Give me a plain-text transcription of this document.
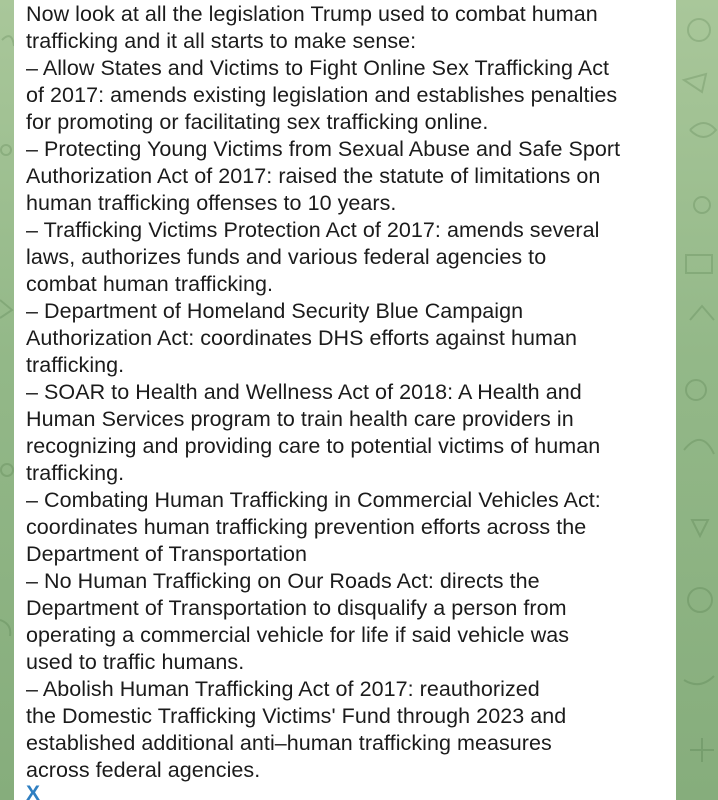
Now look at all the legislation Trump used to combat human
trafficking and it all starts to make sense:
– Allow States and Victims to Fight Online Sex Trafficking Act
of 2017: amends existing legislation and establishes penalties
for promoting or facilitating sex trafficking online.
– Protecting Young Victims from Sexual Abuse and Safe Sport
Authorization Act of 2017: raised the statute of limitations on
human trafficking offenses to 10 years.
– Trafficking Victims Protection Act of 2017: amends several
laws, authorizes funds and various federal agencies to
combat human trafficking.
– Department of Homeland Security Blue Campaign
Authorization Act: coordinates DHS efforts against human
trafficking.
– SOAR to Health and Wellness Act of 2018: A Health and
Human Services program to train health care providers in
recognizing and providing care to potential victims of human
trafficking.
– Combating Human Trafficking in Commercial Vehicles Act:
coordinates human trafficking prevention efforts across the
Department of Transportation
– No Human Trafficking on Our Roads Act: directs the
Department of Transportation to disqualify a person from
operating a commercial vehicle for life if said vehicle was
used to traffic humans.
– Abolish Human Trafficking Act of 2017: reauthorized
the Domestic Trafficking Victims' Fund through 2023 and
established additional anti–human trafficking measures
across federal agencies.
X
